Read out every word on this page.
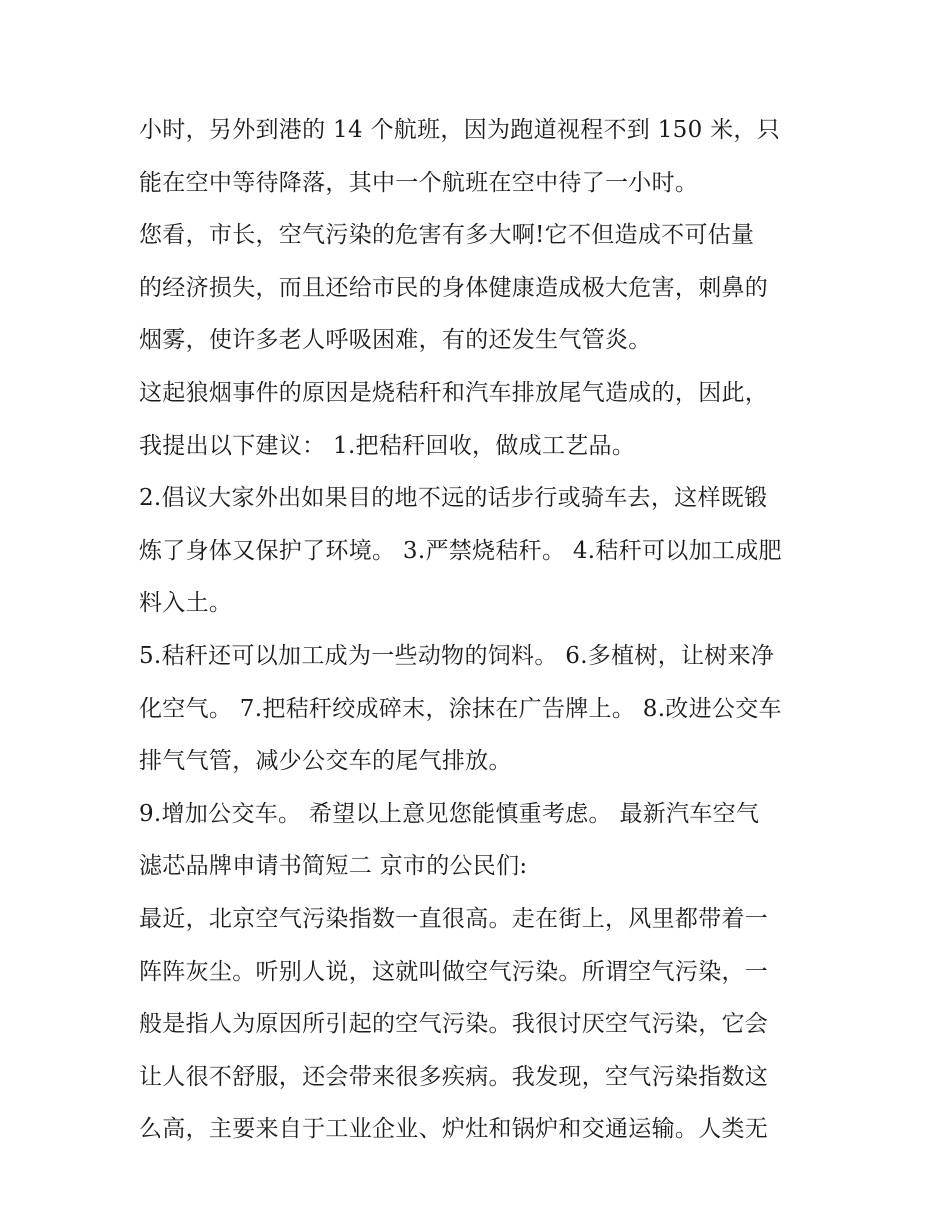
小时，另外到港的 14 个航班，因为跑道视程不到 150 米，只
能在空中等待降落，其中一个航班在空中待了一小时。
您看，市长，空气污染的危害有多大啊!它不但造成不可估量
的经济损失，而且还给市民的身体健康造成极大危害，刺鼻的
烟雾，使许多老人呼吸困难，有的还发生气管炎。
这起狼烟事件的原因是烧秸秆和汽车排放尾气造成的，因此，
我提出以下建议： 1.把秸秆回收，做成工艺品。
2.倡议大家外出如果目的地不远的话步行或骑车去，这样既锻
炼了身体又保护了环境。 3.严禁烧秸秆。 4.秸秆可以加工成肥
料入土。
5.秸秆还可以加工成为一些动物的饲料。 6.多植树，让树来净
化空气。 7.把秸秆绞成碎末，涂抹在广告牌上。 8.改进公交车
排气气管，减少公交车的尾气排放。
9.增加公交车。 希望以上意见您能慎重考虑。 最新汽车空气
滤芯品牌申请书简短二 京市的公民们:
最近，北京空气污染指数一直很高。走在街上，风里都带着一
阵阵灰尘。听别人说，这就叫做空气污染。所谓空气污染，一
般是指人为原因所引起的空气污染。我很讨厌空气污染，它会
让人很不舒服，还会带来很多疾病。我发现，空气污染指数这
么高，主要来自于工业企业、炉灶和锅炉和交通运输。人类无
